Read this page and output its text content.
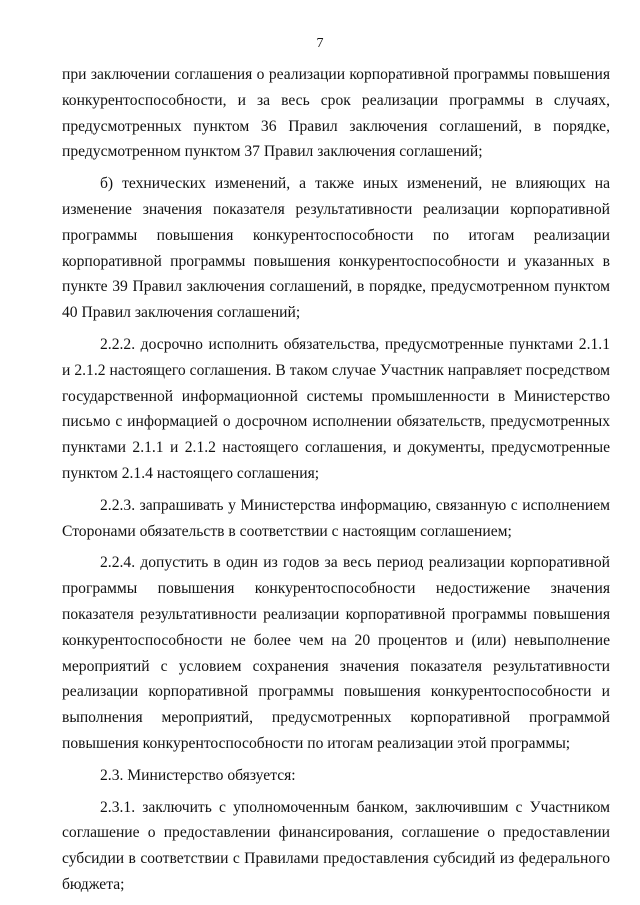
7

при заключении соглашения о реализации корпоративной программы повышения конкурентоспособности, и за весь срок реализации программы в случаях, предусмотренных пунктом 36 Правил заключения соглашений, в порядке, предусмотренном пунктом 37 Правил заключения соглашений;

б) технических изменений, а также иных изменений, не влияющих на изменение значения показателя результативности реализации корпоративной программы повышения конкурентоспособности по итогам реализации корпоративной программы повышения конкурентоспособности и указанных в пункте 39 Правил заключения соглашений, в порядке, предусмотренном пунктом 40 Правил заключения соглашений;

2.2.2. досрочно исполнить обязательства, предусмотренные пунктами 2.1.1 и 2.1.2 настоящего соглашения. В таком случае Участник направляет посредством государственной информационной системы промышленности в Министерство письмо с информацией о досрочном исполнении обязательств, предусмотренных пунктами 2.1.1 и 2.1.2 настоящего соглашения, и документы, предусмотренные пунктом 2.1.4 настоящего соглашения;

2.2.3. запрашивать у Министерства информацию, связанную с исполнением Сторонами обязательств в соответствии с настоящим соглашением;

2.2.4. допустить в один из годов за весь период реализации корпоративной программы повышения конкурентоспособности недостижение значения показателя результативности реализации корпоративной программы повышения конкурентоспособности не более чем на 20 процентов и (или) невыполнение мероприятий с условием сохранения значения показателя результативности реализации корпоративной программы повышения конкурентоспособности и выполнения мероприятий, предусмотренных корпоративной программой повышения конкурентоспособности по итогам реализации этой программы;

2.3. Министерство обязуется:

2.3.1. заключить с уполномоченным банком, заключившим с Участником соглашение о предоставлении финансирования, соглашение о предоставлении субсидии в соответствии с Правилами предоставления субсидий из федерального бюджета;
